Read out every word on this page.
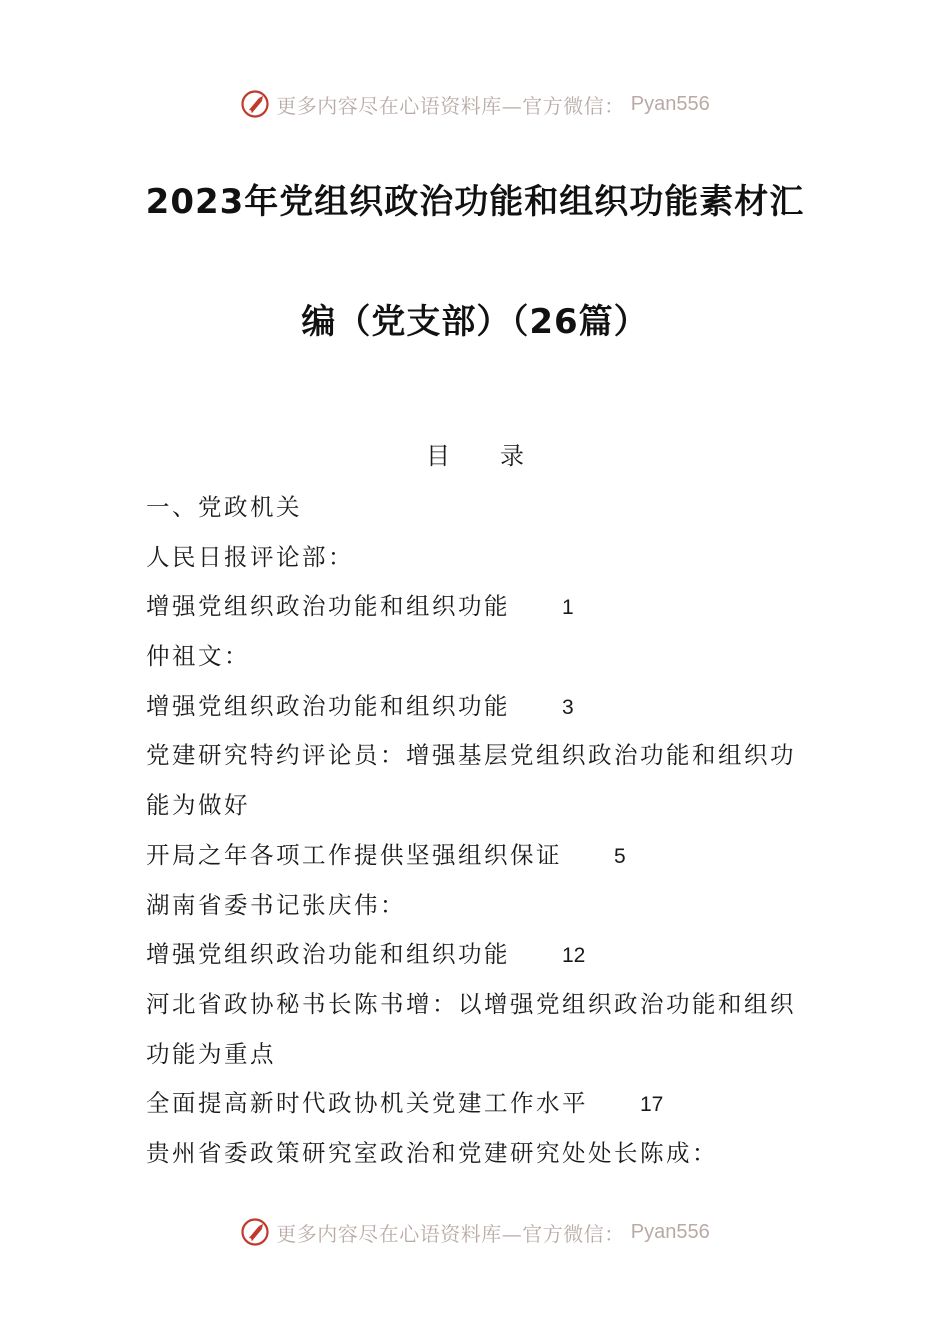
更多内容尽在心语资料库—官方微信： Pyan556
2023年党组织政治功能和组织功能素材汇
编（党支部）（26篇）
目 录
一、党政机关
人民日报评论部：
增强党组织政治功能和组织功能 1
仲祖文：
增强党组织政治功能和组织功能 3
党建研究特约评论员：增强基层党组织政治功能和组织功
能为做好
开局之年各项工作提供坚强组织保证 5
湖南省委书记张庆伟：
增强党组织政治功能和组织功能 12
河北省政协秘书长陈书增：以增强党组织政治功能和组织
功能为重点
全面提高新时代政协机关党建工作水平 17
贵州省委政策研究室政治和党建研究处处长陈成：
更多内容尽在心语资料库—官方微信： Pyan556
